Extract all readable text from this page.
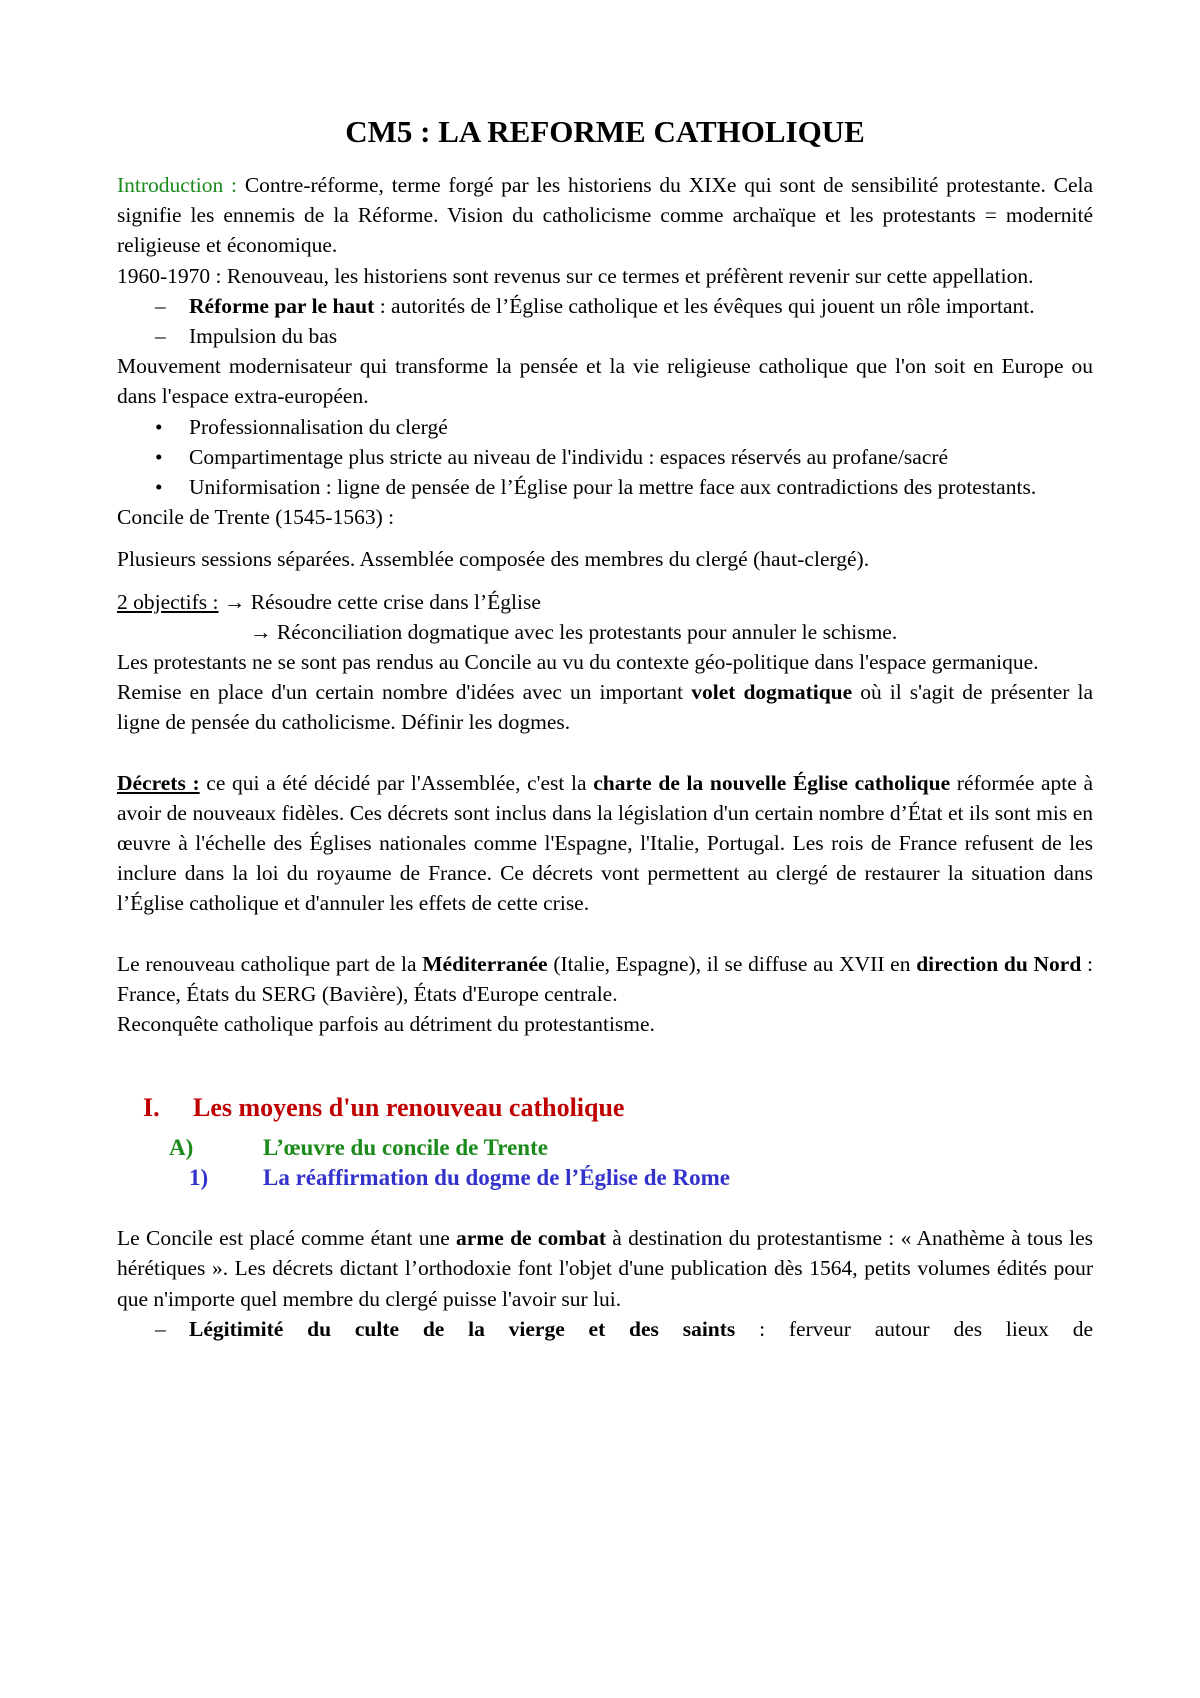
CM5 : LA REFORME CATHOLIQUE

Introduction : Contre-réforme, terme forgé par les historiens du XIXe qui sont de sensibilité protestante. Cela signifie les ennemis de la Réforme. Vision du catholicisme comme archaïque et les protestants = modernité religieuse et économique.

1960-1970 : Renouveau, les historiens sont revenus sur ce termes et préfèrent revenir sur cette appellation.

– Réforme par le haut : autorités de l’Église catholique et les évêques qui jouent un rôle important.
– Impulsion du bas

Mouvement modernisateur qui transforme la pensée et la vie religieuse catholique que l'on soit en Europe ou dans l'espace extra-européen.

• Professionnalisation du clergé
• Compartimentage plus stricte au niveau de l'individu : espaces réservés au profane/sacré
• Uniformisation : ligne de pensée de l’Église pour la mettre face aux contradictions des protestants.

Concile de Trente (1545-1563) :

Plusieurs sessions séparées. Assemblée composée des membres du clergé (haut-clergé).

2 objectifs : → Résoudre cette crise dans l’Église

→ Réconciliation dogmatique avec les protestants pour annuler le schisme.

Les protestants ne se sont pas rendus au Concile au vu du contexte géo-politique dans l'espace germanique.

Remise en place d'un certain nombre d'idées avec un important volet dogmatique où il s'agit de présenter la ligne de pensée du catholicisme. Définir les dogmes.

Décrets : ce qui a été décidé par l'Assemblée, c'est la charte de la nouvelle Église catholique réformée apte à avoir de nouveaux fidèles. Ces décrets sont inclus dans la législation d'un certain nombre d’État et ils sont mis en œuvre à l'échelle des Églises nationales comme l'Espagne, l'Italie, Portugal. Les rois de France refusent de les inclure dans la loi du royaume de France. Ce décrets vont permettent au clergé de restaurer la situation dans l’Église catholique et d'annuler les effets de cette crise.

Le renouveau catholique part de la Méditerranée (Italie, Espagne), il se diffuse au XVII en direction du Nord : France, États du SERG (Bavière), États d'Europe centrale.

Reconquête catholique parfois au détriment du protestantisme.

I. Les moyens d'un renouveau catholique
A)	L’œuvre du concile de Trente
1) La réaffirmation du dogme de l’Église de Rome

Le Concile est placé comme étant une arme de combat à destination du protestantisme : « Anathème à tous les hérétiques ». Les décrets dictant l’orthodoxie font l'objet d'une publication dès 1564, petits volumes édités pour que n'importe quel membre du clergé puisse l'avoir sur lui.

– Légitimité du culte de la vierge et des saints : ferveur autour des lieux de
